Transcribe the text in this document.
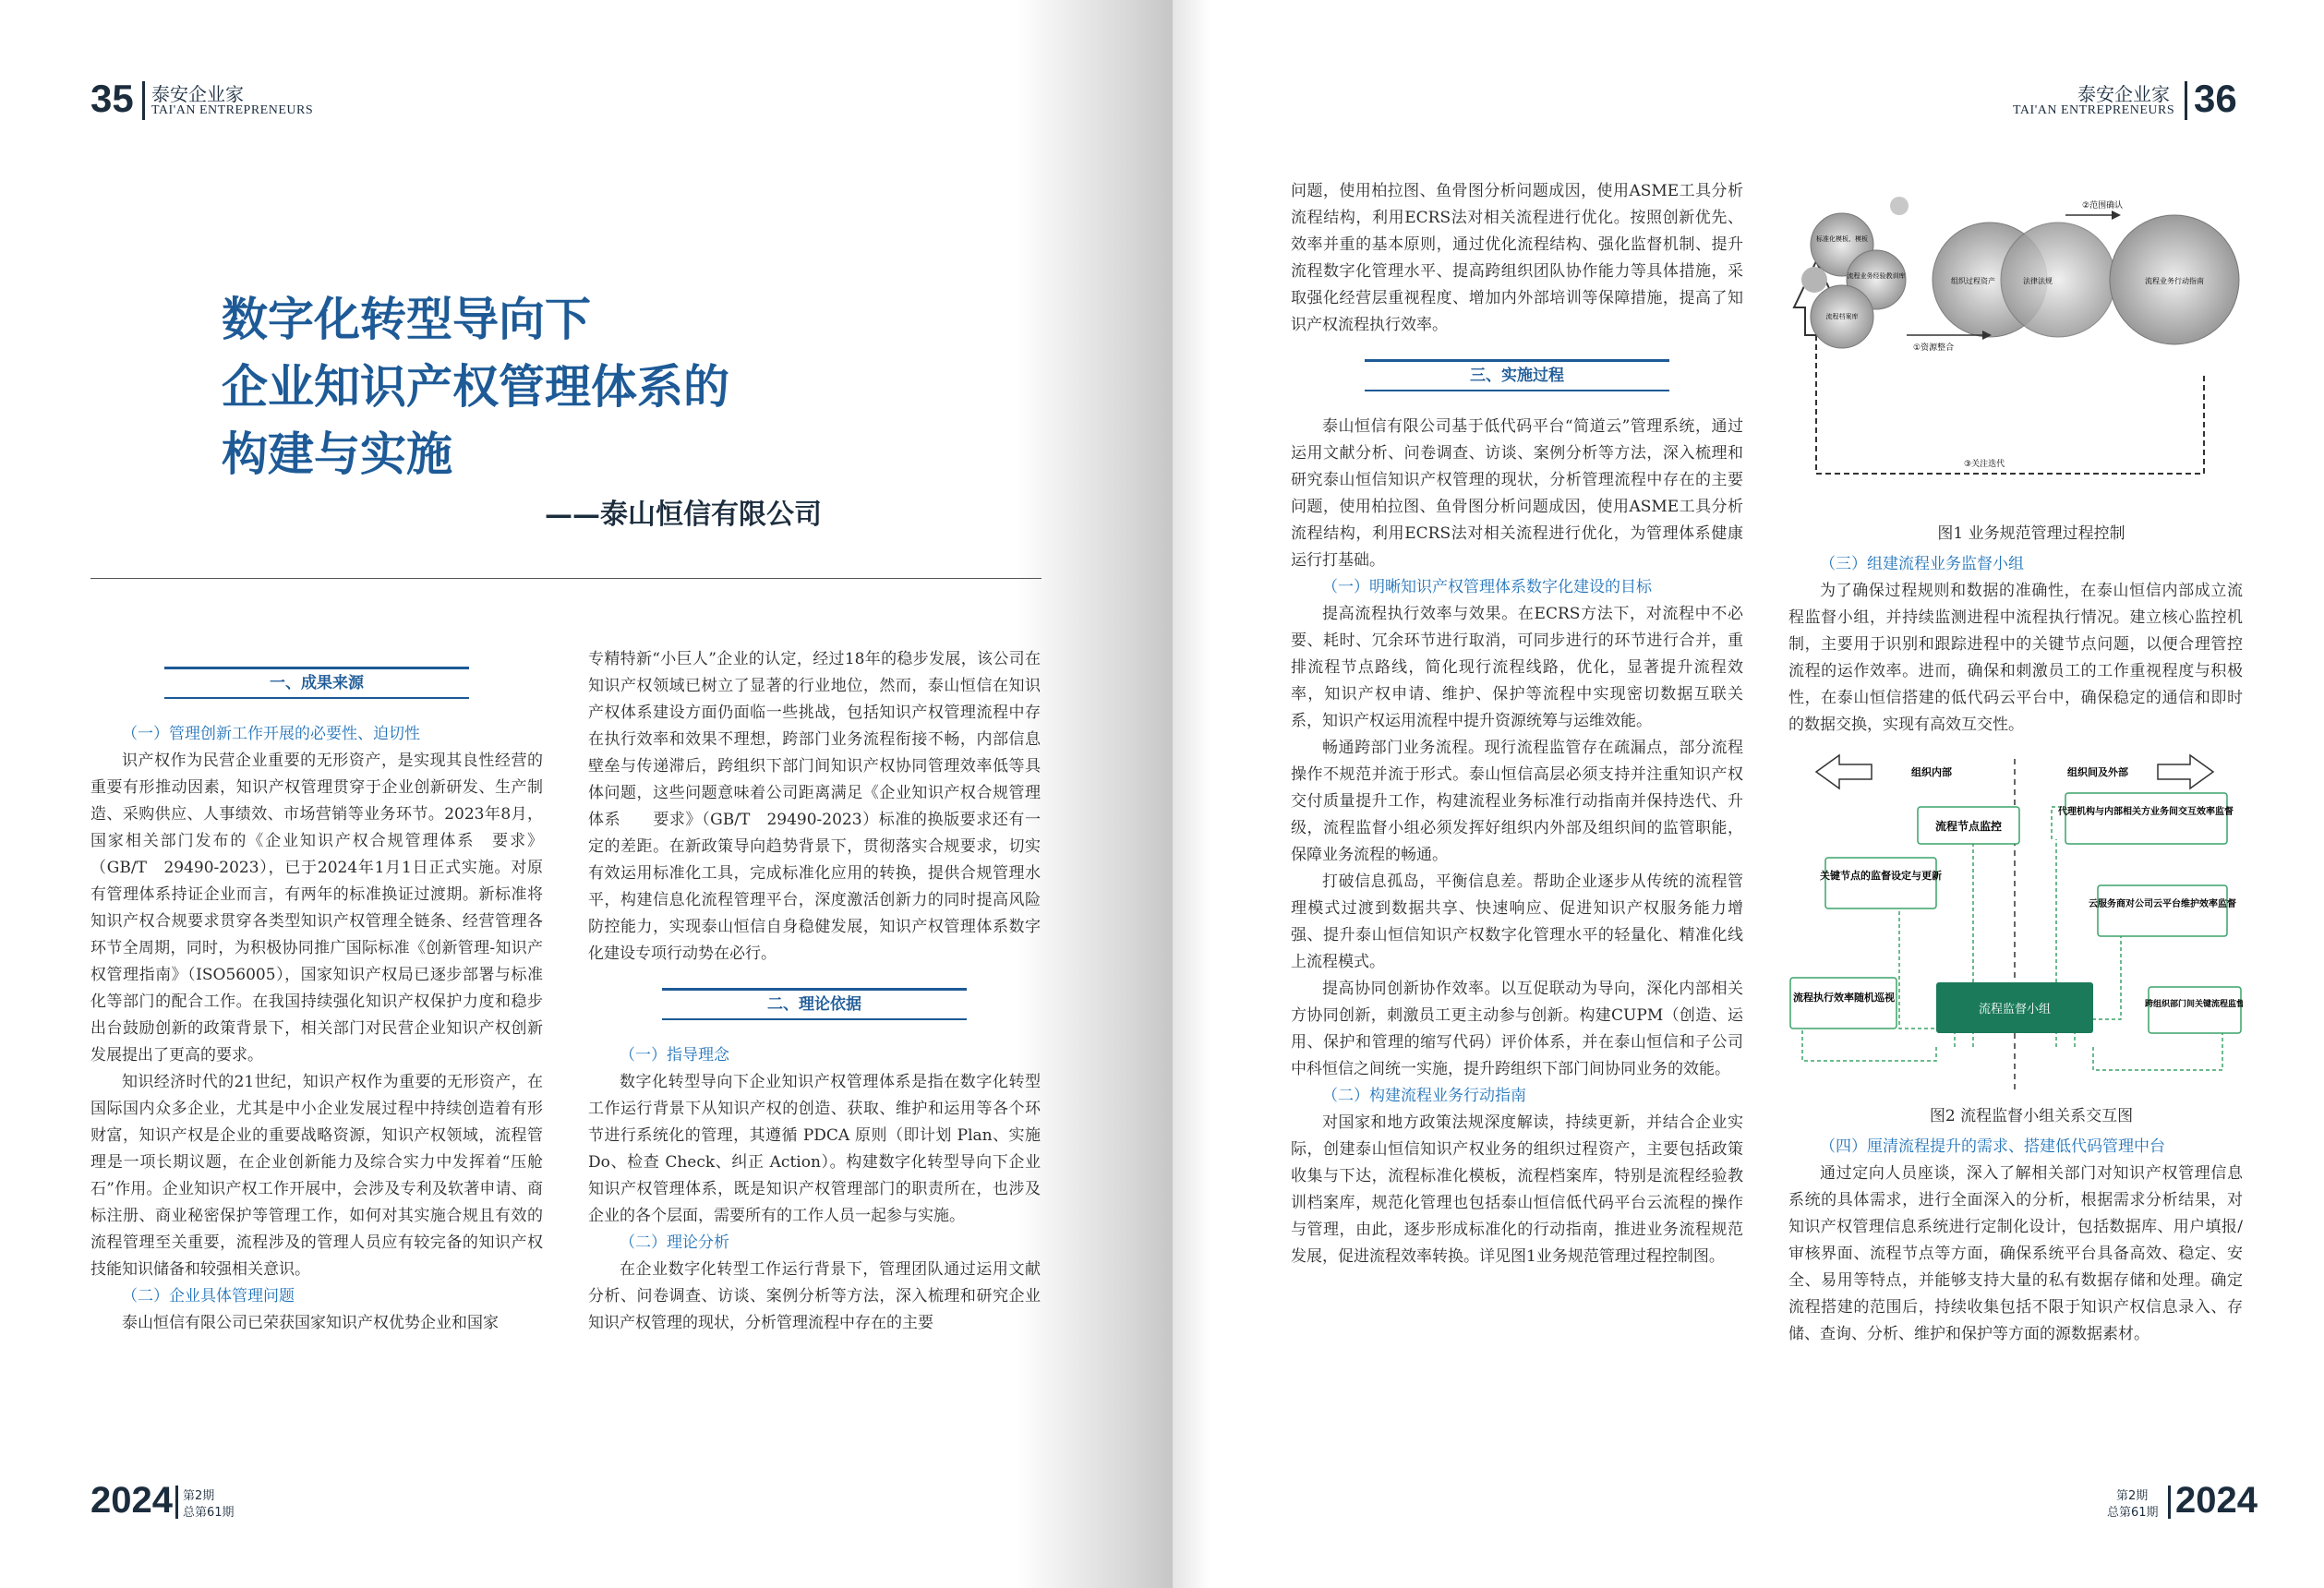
35 泰安企业家
TAI'AN ENTREPRENEURS
泰安企业家
TAI'AN ENTREPRENEURS 36
数字化转型导向下
企业知识产权管理体系的
构建与实施
——泰山恒信有限公司
一、成果来源

（一）管理创新工作开展的必要性、迫切性

识产权作为民营企业重要的无形资产，是实现其良性经营的重要有形推动因素，知识产权管理贯穿于企业创新研发、生产制造、采购供应、人事绩效、市场营销等业务环节。2023年8月，国家相关部门发布的《企业知识产权合规管理体系　要求》（GB/T　29490-2023），已于2024年1月1日正式实施。对原有管理体系持证企业而言，有两年的标准换证过渡期。新标准将知识产权合规要求贯穿各类型知识产权管理全链条、经营管理各环节全周期，同时，为积极协同推广国际标准《创新管理-知识产权管理指南》（ISO56005），国家知识产权局已逐步部署与标准化等部门的配合工作。在我国持续强化知识产权保护力度和稳步出台鼓励创新的政策背景下，相关部门对民营企业知识产权创新发展提出了更高的要求。

知识经济时代的21世纪，知识产权作为重要的无形资产，在国际国内众多企业，尤其是中小企业发展过程中持续创造着有形财富，知识产权是企业的重要战略资源，知识产权领域，流程管理是一项长期议题，在企业创新能力及综合实力中发挥着“压舱石”作用。企业知识产权工作开展中，会涉及专利及软著申请、商标注册、商业秘密保护等管理工作，如何对其实施合规且有效的流程管理至关重要，流程涉及的管理人员应有较完备的知识产权技能知识储备和较强相关意识。

（二）企业具体管理问题

泰山恒信有限公司已荣获国家知识产权优势企业和国家

专精特新“小巨人”企业的认定，经过18年的稳步发展，该公司在知识产权领域已树立了显著的行业地位，然而，泰山恒信在知识产权体系建设方面仍面临一些挑战，包括知识产权管理流程中存在执行效率和效果不理想，跨部门业务流程衔接不畅，内部信息壁垒与传递滞后，跨组织下部门间知识产权协同管理效率低等具体问题，这些问题意味着公司距离满足《企业知识产权合规管理体系　　要求》（GB/T　29490-2023）标准的换版要求还有一定的差距。在新政策导向趋势背景下，贯彻落实合规要求，切实有效运用标准化工具，完成标准化应用的转换，提供合规管理水平，构建信息化流程管理平台，深度激活创新力的同时提高风险防控能力，实现泰山恒信自身稳健发展，知识产权管理体系数字化建设专项行动势在必行。

二、理论依据

（一）指导理念

数字化转型导向下企业知识产权管理体系是指在数字化转型工作运行背景下从知识产权的创造、获取、维护和运用等各个环节进行系统化的管理，其遵循 PDCA 原则（即计划 Plan、实施 Do、检查 Check、纠正 Action）。构建数字化转型导向下企业知识产权管理体系，既是知识产权管理部门的职责所在，也涉及企业的各个层面，需要所有的工作人员一起参与实施。

（二）理论分析

在企业数字化转型工作运行背景下，管理团队通过运用文献分析、问卷调查、访谈、案例分析等方法，深入梳理和研究企业知识产权管理的现状，分析管理流程中存在的主要

问题，使用柏拉图、鱼骨图分析问题成因，使用ASME工具分析流程结构，利用ECRS法对相关流程进行优化。按照创新优先、效率并重的基本原则，通过优化流程结构、强化监督机制、提升流程数字化管理水平、提高跨组织团队协作能力等具体措施，采取强化经营层重视程度、增加内外部培训等保障措施，提高了知识产权流程执行效率。

三、实施过程

泰山恒信有限公司基于低代码平台“简道云”管理系统，通过运用文献分析、问卷调查、访谈、案例分析等方法，深入梳理和研究泰山恒信知识产权管理的现状，分析管理流程中存在的主要问题，使用柏拉图、鱼骨图分析问题成因，使用ASME工具分析流程结构，利用ECRS法对相关流程进行优化，为管理体系健康运行打基础。

（一）明晰知识产权管理体系数字化建设的目标

提高流程执行效率与效果。在ECRS方法下，对流程中不必要、耗时、冗余环节进行取消，可同步进行的环节进行合并，重排流程节点路线，简化现行流程线路，优化，显著提升流程效率，知识产权申请、维护、保护等流程中实现密切数据互联关系，知识产权运用流程中提升资源统筹与运维效能。

畅通跨部门业务流程。现行流程监管存在疏漏点，部分流程操作不规范并流于形式。泰山恒信高层必须支持并注重知识产权交付质量提升工作，构建流程业务标准行动指南并保持迭代、升级，流程监督小组必须发挥好组织内外部及组织间的监管职能，保障业务流程的畅通。

打破信息孤岛，平衡信息差。帮助企业逐步从传统的流程管理模式过渡到数据共享、快速响应、促进知识产权服务能力增强、提升泰山恒信知识产权数字化管理水平的轻量化、精准化线上流程模式。

提高协同创新协作效率。以互促联动为导向，深化内部相关方协同创新，刺激员工更主动参与创新。构建CUPM（创造、运用、保护和管理的缩写代码）评价体系，并在泰山恒信和子公司中科恒信之间统一实施，提升跨组织下部门间协同业务的效能。

（二）构建流程业务行动指南

对国家和地方政策法规深度解读，持续更新，并结合企业实际，创建泰山恒信知识产权业务的组织过程资产，主要包括政策收集与下达，流程标准化模板，流程档案库，特别是流程经验教训档案库，规范化管理也包括泰山恒信低代码平台云流程的操作与管理，由此，逐步形成标准化的行动指南，推进业务流程规范发展，促进流程效率转换。详见图1业务规范管理过程控制图。

标准化模板、模板
流程业务经验教训库
流程档案库
组织过程资产	法律法规	流程业务行动指南
②范围确认
①资源整合
③关注迭代

图1 业务规范管理过程控制

（三）组建流程业务监督小组

为了确保过程规则和数据的准确性，在泰山恒信内部成立流程监督小组，并持续监测进程中流程执行情况。建立核心监控机制，主要用于识别和跟踪进程中的关键节点问题，以便合理管控流程的运作效率。进而，确保和刺激员工的工作重视程度与积极性，在泰山恒信搭建的低代码云平台中，确保稳定的通信和即时的数据交换，实现有高效互交性。

组织内部	组织间及外部
流程节点监控
关键节点的监督设定与更新
流程执行效率随机巡视
流程监督小组
代理机构与内部相关方业务间交互效率监督
云服务商对公司云平台维护效率监督
跨组织部门间关键流程监督

图2 流程监督小组关系交互图

（四）厘清流程提升的需求、搭建低代码管理中台

通过定向人员座谈，深入了解相关部门对知识产权管理信息系统的具体需求，进行全面深入的分析，根据需求分析结果，对知识产权管理信息系统进行定制化设计，包括数据库、用户填报/审核界面、流程节点等方面，确保系统平台具备高效、稳定、安全、易用等特点，并能够支持大量的私有数据存储和处理。确定流程搭建的范围后，持续收集包括不限于知识产权信息录入、存储、查询、分析、维护和保护等方面的源数据素材。

2024 第2期
总第61期
第2期
总第61期 2024
